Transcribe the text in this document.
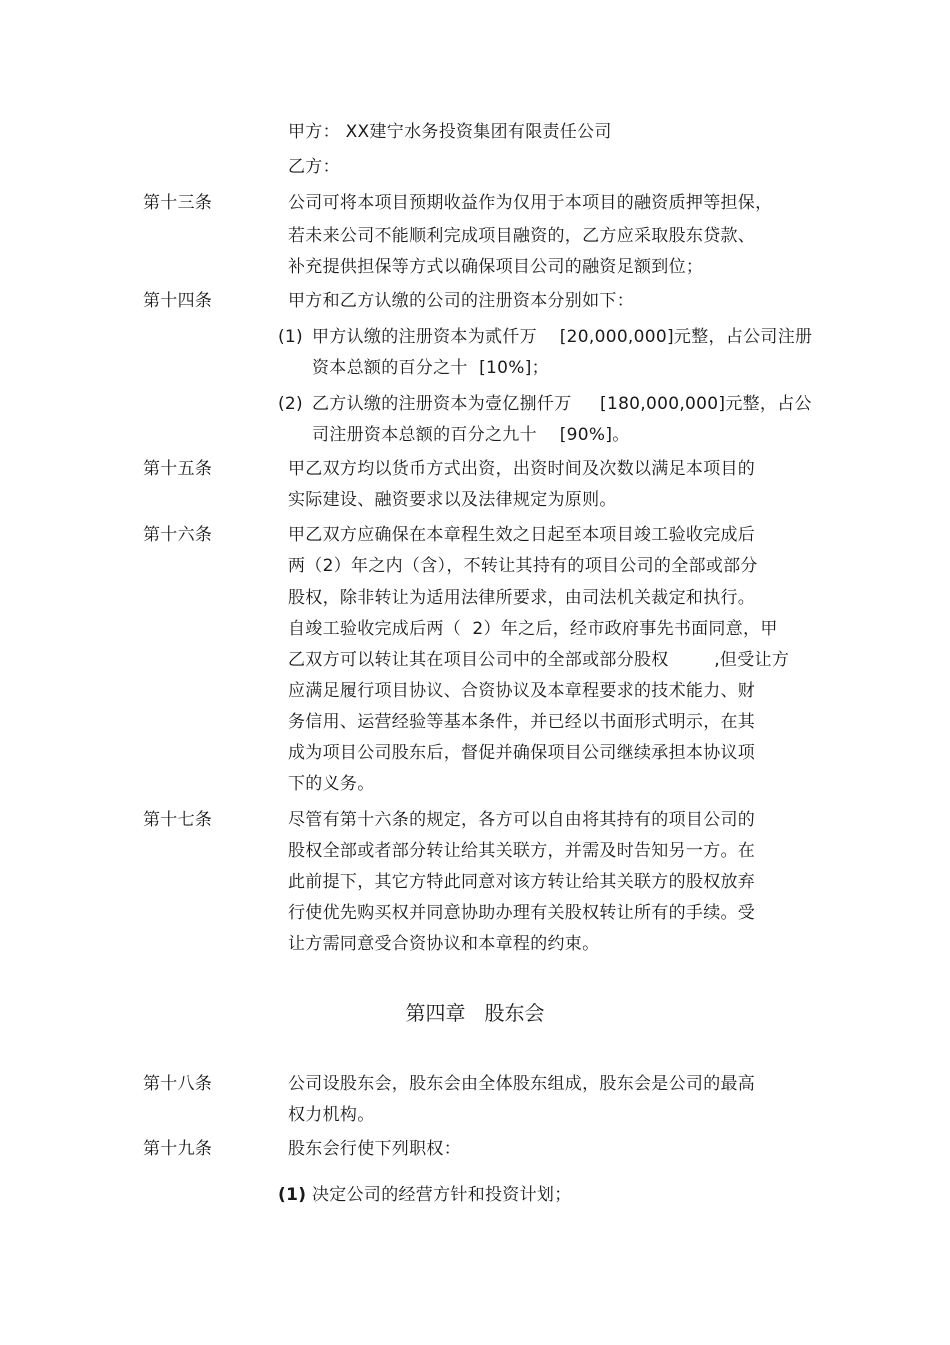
甲方： XX建宁水务投资集团有限责任公司
乙方：
第十三条	公司可将本项目预期收益作为仅用于本项目的融资质押等担保，
若未来公司不能顺利完成项目融资的，乙方应采取股东贷款、
补充提供担保等方式以确保项目公司的融资足额到位；
第十四条	甲方和乙方认缴的公司的注册资本分别如下：
(1) 甲方认缴的注册资本为贰仟万    [20,000,000]元整，占公司注册
资本总额的百分之十  [10%]；
(2) 乙方认缴的注册资本为壹亿捌仟万     [180,000,000]元整，占公
司注册资本总额的百分之九十    [90%]。
第十五条	甲乙双方均以货币方式出资，出资时间及次数以满足本项目的
实际建设、融资要求以及法律规定为原则。
第十六条	甲乙双方应确保在本章程生效之日起至本项目竣工验收完成后
两（2）年之内（含），不转让其持有的项目公司的全部或部分
股权，除非转让为适用法律所要求，由司法机关裁定和执行。
自竣工验收完成后两（  2）年之后，经市政府事先书面同意，甲
乙双方可以转让其在项目公司中的全部或部分股权        ,但受让方
应满足履行项目协议、合资协议及本章程要求的技术能力、财
务信用、运营经验等基本条件，并已经以书面形式明示，在其
成为项目公司股东后，督促并确保项目公司继续承担本协议项
下的义务。
第十七条	尽管有第十六条的规定，各方可以自由将其持有的项目公司的
股权全部或者部分转让给其关联方，并需及时告知另一方。在
此前提下，其它方特此同意对该方转让给其关联方的股权放弃
行使优先购买权并同意协助办理有关股权转让所有的手续。受
让方需同意受合资协议和本章程的约束。
第四章   股东会
第十八条	公司设股东会，股东会由全体股东组成，股东会是公司的最高
权力机构。
第十九条	股东会行使下列职权：
(1) 决定公司的经营方针和投资计划；
